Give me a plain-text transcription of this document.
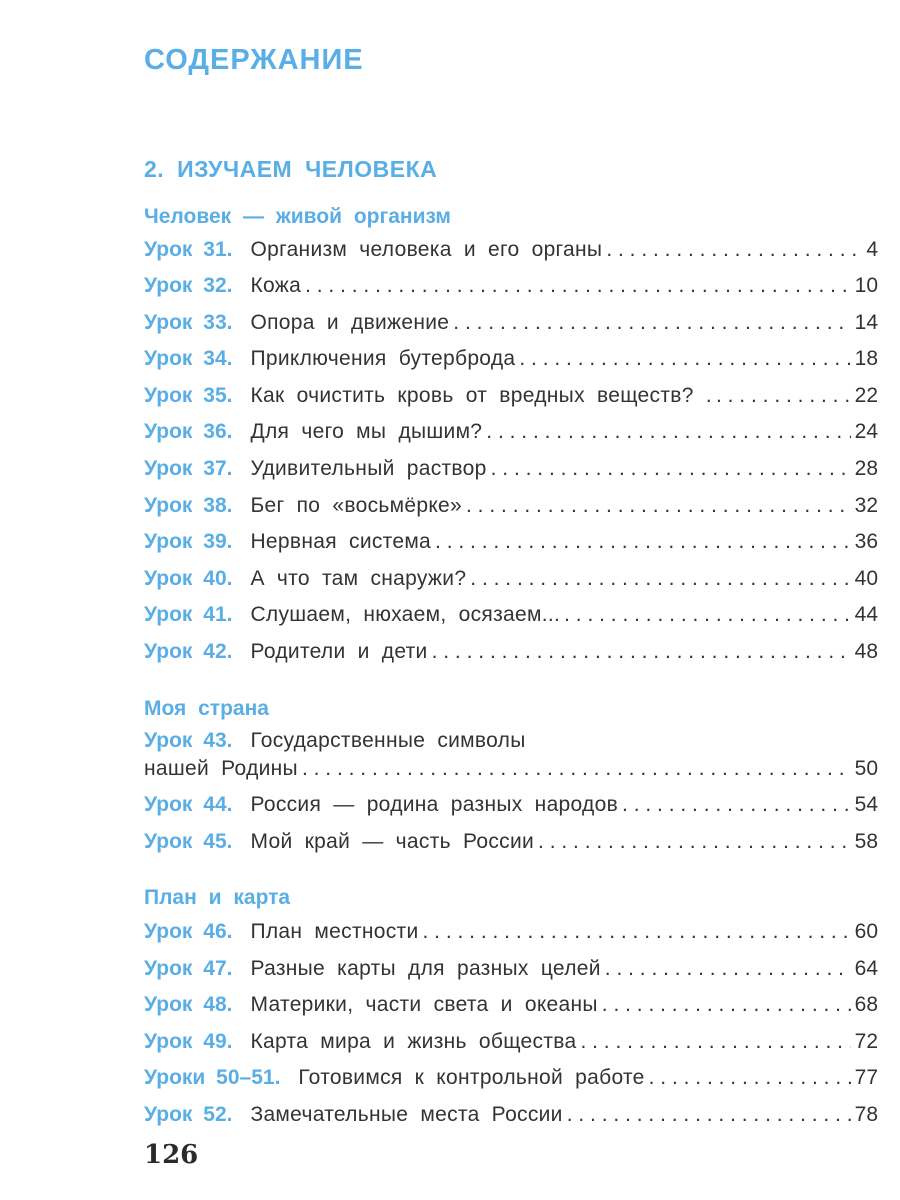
СОДЕРЖАНИЕ
2. ИЗУЧАЕМ ЧЕЛОВЕКА
Человек — живой организм
Урок 31. Организм человека и его органы . . .	4
Урок 32. Кожа . . .	10
Урок 33. Опора и движение . . .	14
Урок 34. Приключения бутерброда . . .	18
Урок 35. Как очистить кровь от вредных веществ? . . . .	22
Урок 36. Для чего мы дышим? . . .	24
Урок 37. Удивительный раствор . . .	28
Урок 38. Бег по «восьмёрке» . . .	32
Урок 39. Нервная система . . .	36
Урок 40. А что там снаружи? . . .	40
Урок 41. Слушаем, нюхаем, осязаем... . . .	44
Урок 42. Родители и дети . . .	48
Моя страна
Урок 43. Государственные символы
нашей Родины . . .	50
Урок 44. Россия — родина разных народов . . .	54
Урок 45. Мой край — часть России . . .	58
План и карта
Урок 46. План местности . . .	60
Урок 47. Разные карты для разных целей . . .	64
Урок 48. Материки, части света и океаны . . .	68
Урок 49. Карта мира и жизнь общества . . .	72
Уроки 50–51. Готовимся к контрольной работе . . .	77
Урок 52. Замечательные места России . . .	78
126
